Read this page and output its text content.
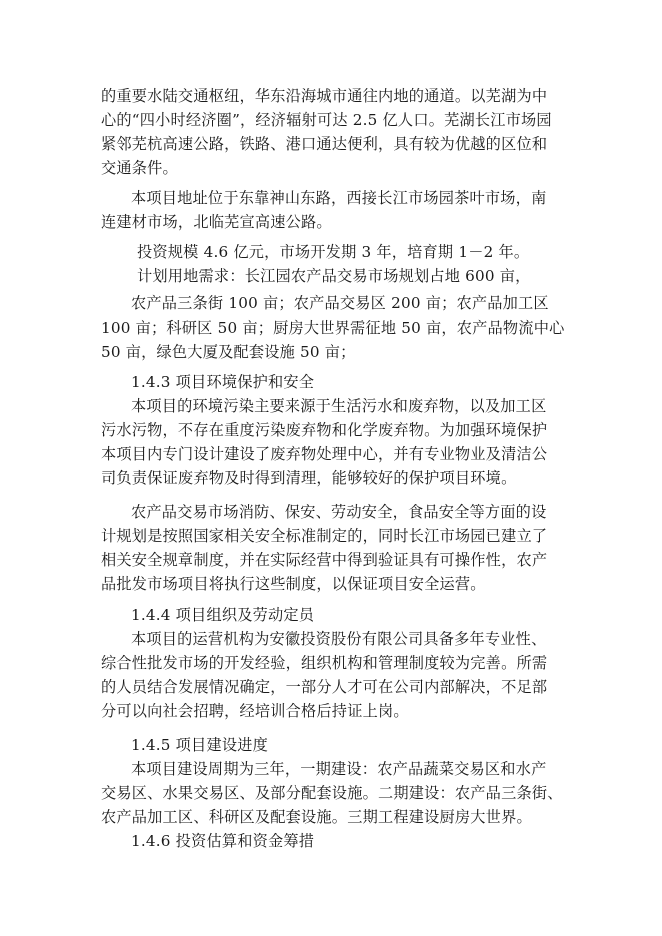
的重要水陆交通枢纽，华东沿海城市通往内地的通道。以芜湖为中
心的“四小时经济圈”，经济辐射可达 2.5 亿人口。芜湖长江市场园
紧邻芜杭高速公路，铁路、港口通达便利，具有较为优越的区位和
交通条件。
本项目地址位于东靠神山东路，西接长江市场园茶叶市场，南
连建材市场，北临芜宣高速公路。
投资规模 4.6 亿元，市场开发期 3 年，培育期 1－2 年。
计划用地需求：长江园农产品交易市场规划占地 600 亩，
农产品三条街 100 亩；农产品交易区 200 亩；农产品加工区
100 亩；科研区 50 亩；厨房大世界需征地 50 亩，农产品物流中心
50 亩，绿色大厦及配套设施 50 亩；
1.4.3 项目环境保护和安全
本项目的环境污染主要来源于生活污水和废弃物，以及加工区
污水污物，不存在重度污染废弃物和化学废弃物。为加强环境保护
本项目内专门设计建设了废弃物处理中心，并有专业物业及清洁公
司负责保证废弃物及时得到清理，能够较好的保护项目环境。
农产品交易市场消防、保安、劳动安全，食品安全等方面的设
计规划是按照国家相关安全标准制定的，同时长江市场园已建立了
相关安全规章制度，并在实际经营中得到验证具有可操作性，农产
品批发市场项目将执行这些制度，以保证项目安全运营。
1.4.4 项目组织及劳动定员
本项目的运营机构为安徽投资股份有限公司具备多年专业性、
综合性批发市场的开发经验，组织机构和管理制度较为完善。所需
的人员结合发展情况确定，一部分人才可在公司内部解决，不足部
分可以向社会招聘，经培训合格后持证上岗。
1.4.5 项目建设进度
本项目建设周期为三年，一期建设：农产品蔬菜交易区和水产
交易区、水果交易区、及部分配套设施。二期建设：农产品三条街、
农产品加工区、科研区及配套设施。三期工程建设厨房大世界。
1.4.6 投资估算和资金筹措
